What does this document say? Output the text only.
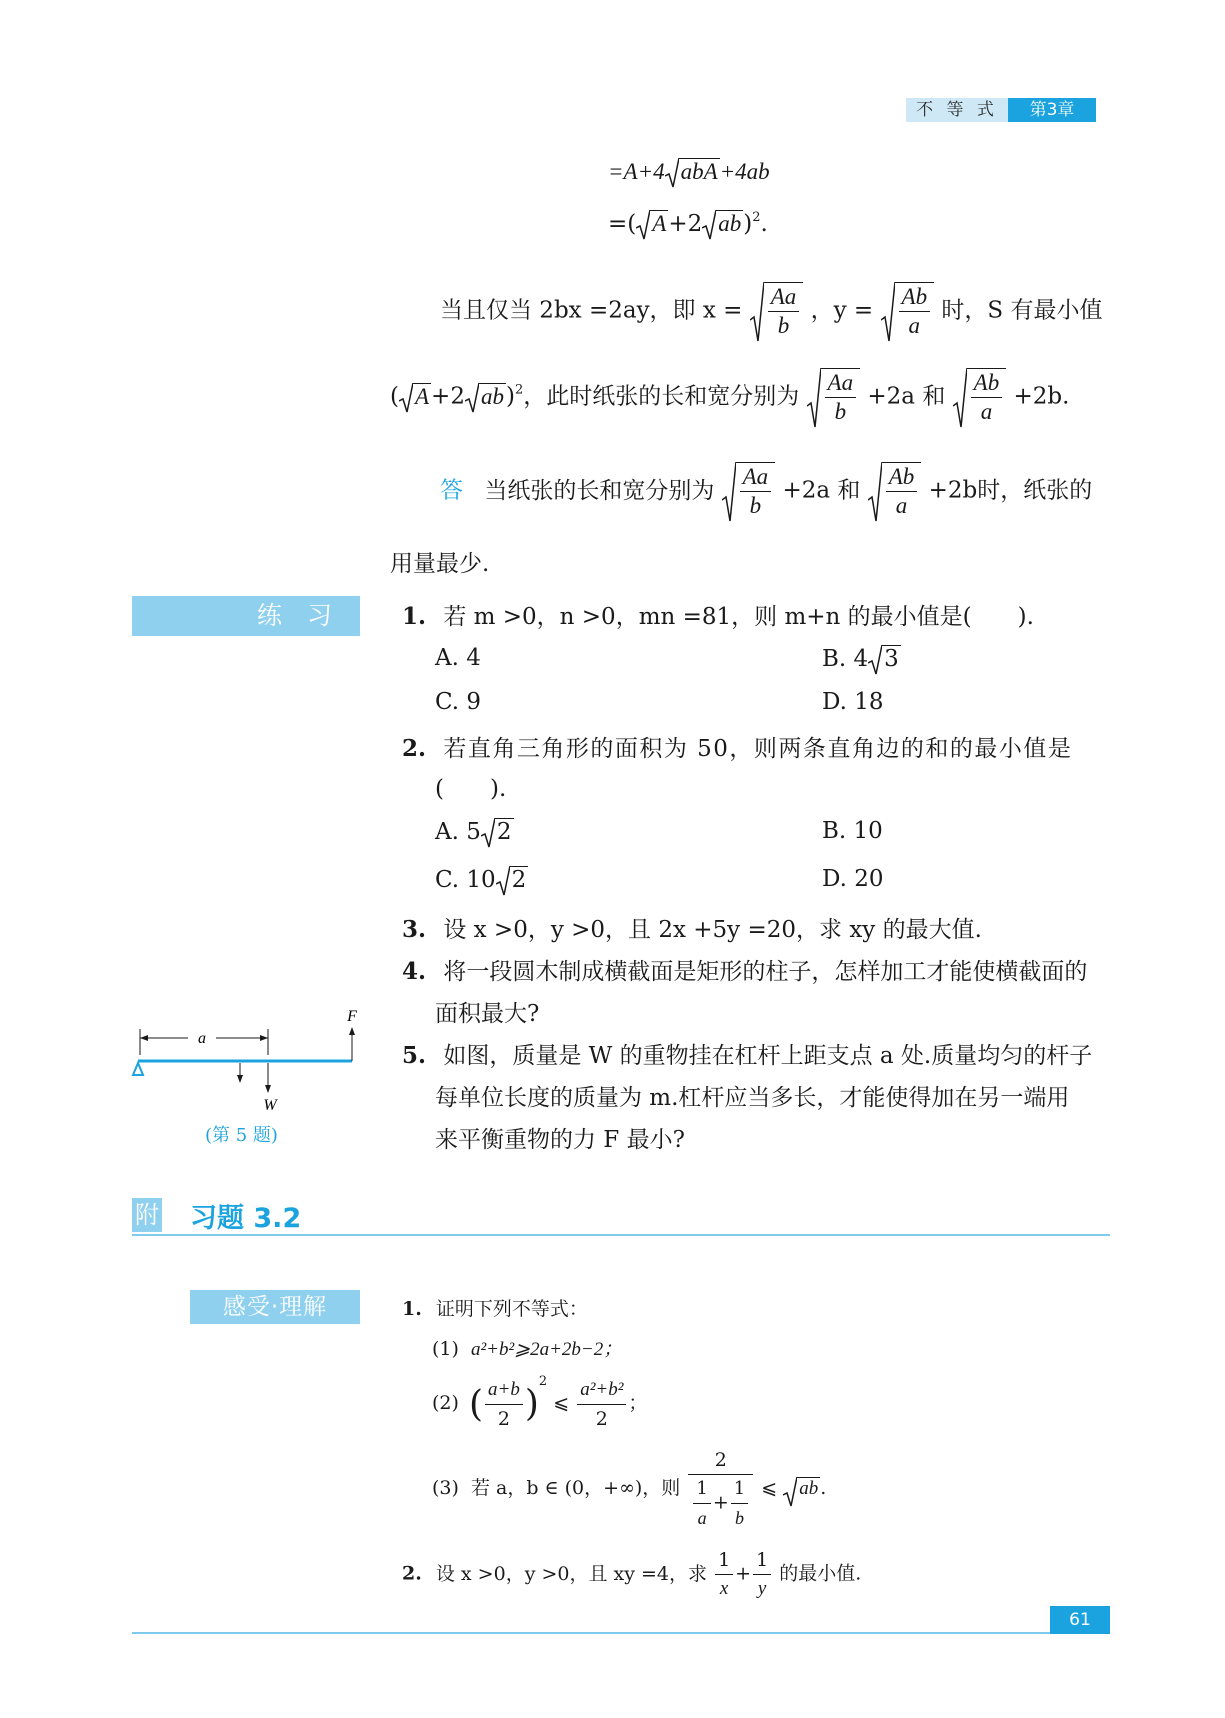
不 等 式	第3章
=A+4 abA+4ab
=( A+2 ab)$^2$.
当且仅当 2bx =2ay，即 $x = \frac{Aa}{b}$ ，$y = \frac{Ab}{a}$ 时，S 有最小值
( A+2 ab)$^2$，此时纸张的长和宽分别为 $\frac{Aa}{b} +2a$ 和 $\frac{Ab}{a} +2b$.
答 当纸张的长和宽分别为 $\frac{Aa}{b} +2a$ 和 $\frac{Ab}{a} +2b$时，纸张的
用量最少.
练　习	1. 若 m >0，n >0，mn =81，则 m+n 的最小值是(　　).
A. 4	B. 4 3
C. 9	D. 18
2. 若直角三角形的面积为 50，则两条直角边的和的最小值是
(　　).
A. 5 2	B. 10
C. 10 2	D. 20
3. 设 x >0，y >0，且 2x +5y =20，求 xy 的最大值.
4. 将一段圆木制成横截面是矩形的柱子，怎样加工才能使横截面的
面积最大?
5. 如图，质量是 W 的重物挂在杠杆上距支点 a 处.质量均匀的杆子
每单位长度的质量为 m.杠杆应当多长，才能使得加在另一端用
来平衡重物的力 F 最小?
a
W
F
(第 5 题)
附 习题 3.2
感受·理解	1. 证明下列不等式：
(1) a²+b²⩾2a+2b−2；
(2) ( $\frac{a+b}{2} )^2$ ⩽ $\frac{\text{a²+b²}}{2}$ ；
(3) 若 a，b ∈ (0，+∞)，则 $\frac{2}{\frac{1}{a} + \frac{1}{b}}$ ⩽ ab .
2. 设 x >0，y >0，且 xy =4，求 $\frac{1}{x} + \frac{1}{y}$ 的最小值.
61
